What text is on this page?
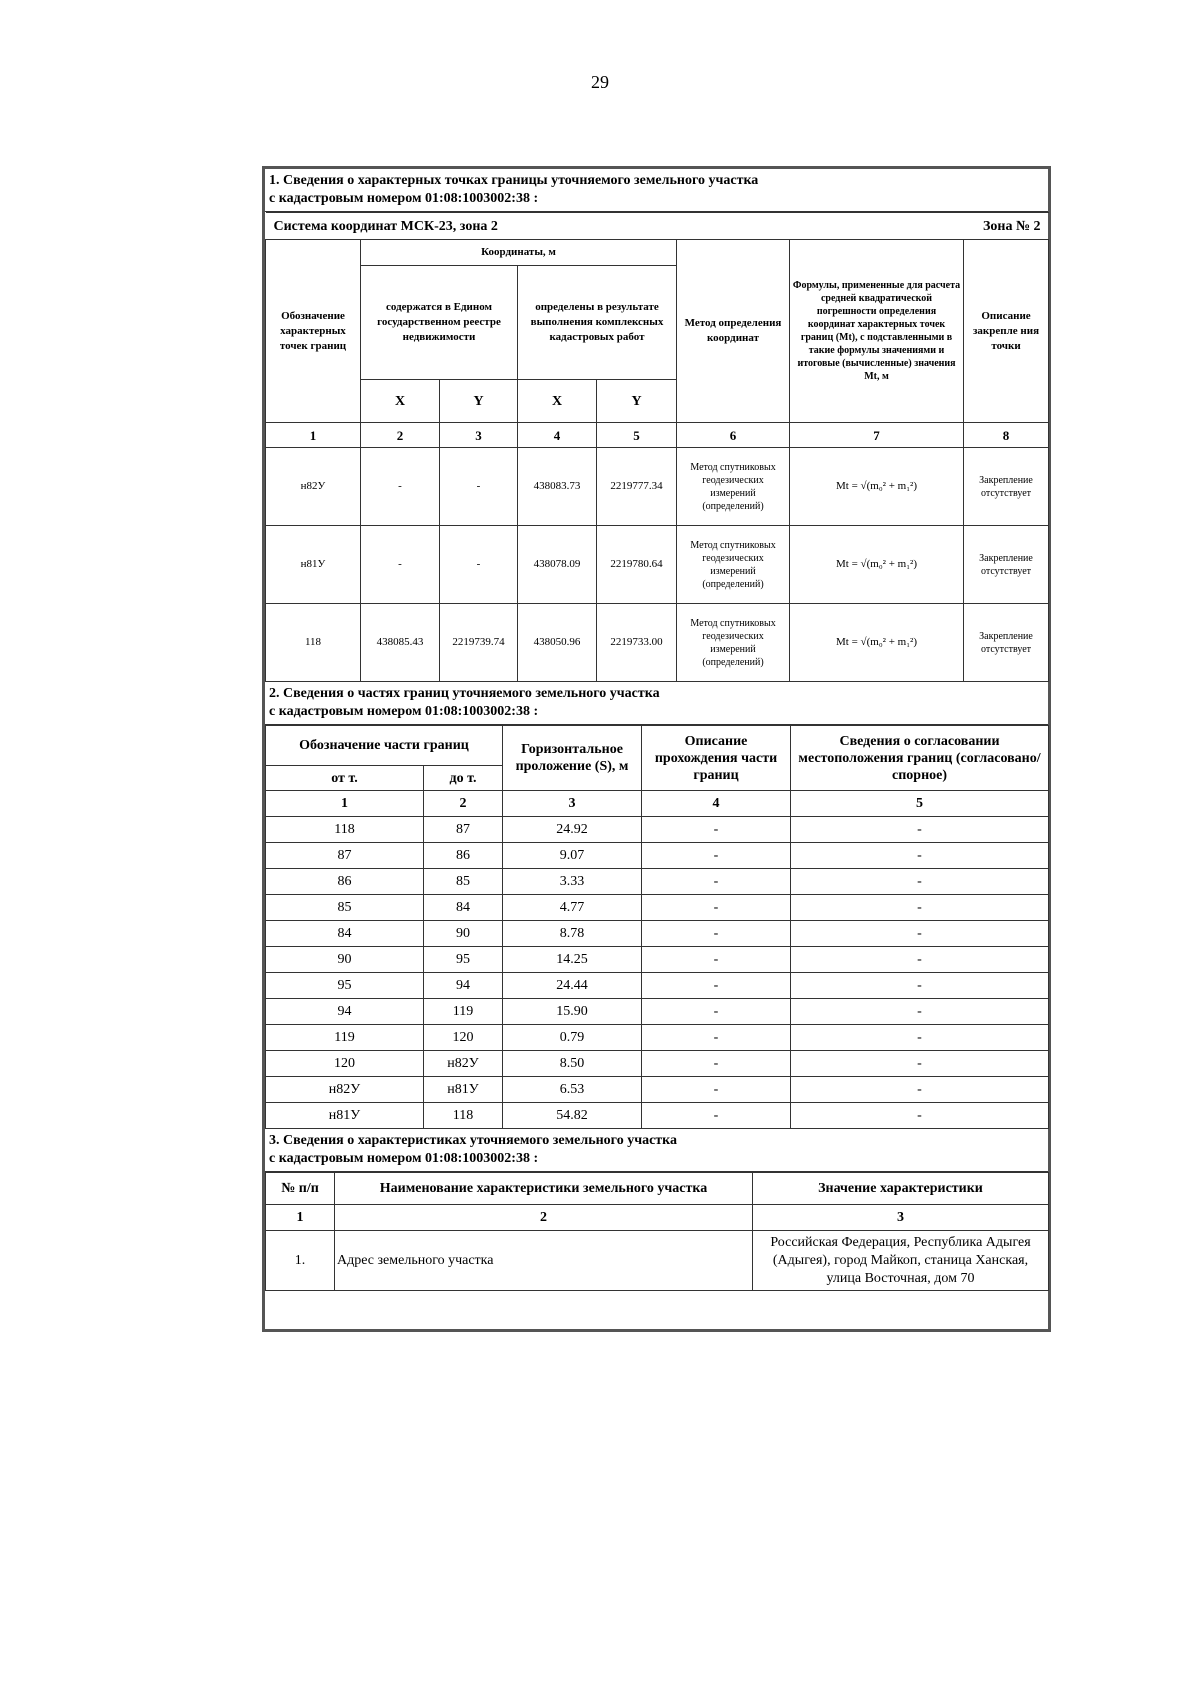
29
1. Сведения о характерных точках границы уточняемого земельного участка
с кадастровым номером 01:08:1003002:38 :
Система координат МСК-23, зона 2						Зона № 2	
Обозначение характерных точек границ	Координаты, м				Метод определения координат	Формулы, примененные для расчета средней квадратической погрешности определения координат характерных точек границ (Mt), с подставленными в такие формулы значениями и итоговые (вычисленные) значения Mt, м	Описание закрепле ния точки
	содержатся в Едином государственном реестре недвижимости		определены в результате выполнения комплексных кадастровых работ				
	X	Y	X	Y			
1	2	3	4	5	6	7	8
н82У	-	-	438083.73	2219777.34	Метод спутниковых геодезических измерений (определений)	Mt = √(m₀² + m₁²)	Закрепление отсутствует
н81У	-	-	438078.09	2219780.64	Метод спутниковых геодезических измерений (определений)	Mt = √(m₀² + m₁²)	Закрепление отсутствует
118	438085.43	2219739.74	438050.96	2219733.00	Метод спутниковых геодезических измерений (определений)	Mt = √(m₀² + m₁²)	Закрепление отсутствует
2. Сведения о частях границ уточняемого земельного участка
с кадастровым номером 01:08:1003002:38 :
Обозначение части границ		Горизонтальное проложение (S), м	Описание прохождения части границ	Сведения о согласовании местоположения границ (согласовано/спорное)
от т.	до т.			
1	2	3	4	5
118	87	24.92	-	-
87	86	9.07	-	-
86	85	3.33	-	-
85	84	4.77	-	-
84	90	8.78	-	-
90	95	14.25	-	-
95	94	24.44	-	-
94	119	15.90	-	-
119	120	0.79	-	-
120	н82У	8.50	-	-
н82У	н81У	6.53	-	-
н81У	118	54.82	-	-
3. Сведения о характеристиках уточняемого земельного участка
с кадастровым номером 01:08:1003002:38 :
№ п/п	Наименование характеристики земельного участка	Значение характеристики
1	2	3
1.	Адрес земельного участка	Российская Федерация, Республика Адыгея (Адыгея), город Майкоп, станица Ханская, улица Восточная, дом 70
